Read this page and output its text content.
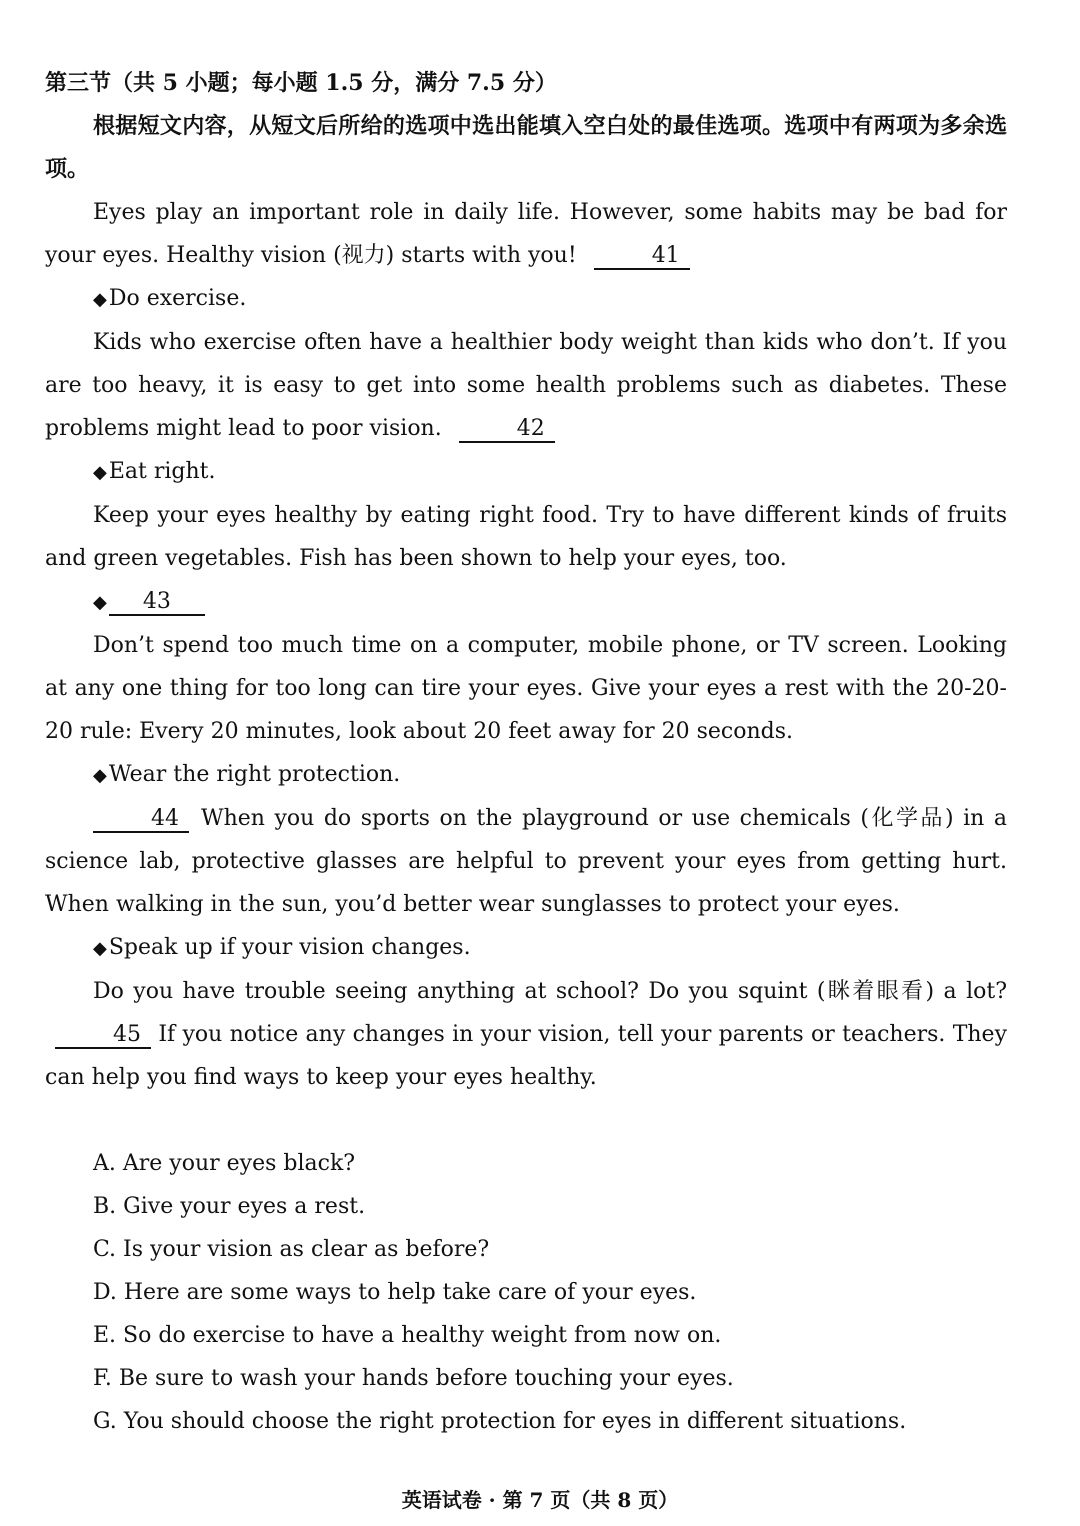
第三节（共 5 小题；每小题 1.5 分，满分 7.5 分）
根据短文内容，从短文后所给的选项中选出能填入空白处的最佳选项。选项中有两项为多余选项。
Eyes play an important role in daily life. However, some habits may be bad for your eyes. Healthy vision (视力) starts with you!	41
◆Do exercise.
Kids who exercise often have a healthier body weight than kids who don’t. If you are too heavy, it is easy to get into some health problems such as diabetes. These problems might lead to poor vision.	42
◆Eat right.
Keep your eyes healthy by eating right food. Try to have different kinds of fruits and green vegetables. Fish has been shown to help your eyes, too.
◆ 43
Don’t spend too much time on a computer, mobile phone, or TV screen. Looking at any one thing for too long can tire your eyes. Give your eyes a rest with the 20-20-20 rule: Every 20 minutes, look about 20 feet away for 20 seconds.
◆Wear the right protection.
44 When you do sports on the playground or use chemicals (化学品) in a science lab, protective glasses are helpful to prevent your eyes from getting hurt. When walking in the sun, you’d better wear sunglasses to protect your eyes.
◆Speak up if your vision changes.
Do you have trouble seeing anything at school? Do you squint (眯着眼看) a lot? 45 If you notice any changes in your vision, tell your parents or teachers. They can help you find ways to keep your eyes healthy.
A. Are your eyes black?
B. Give your eyes a rest.
C. Is your vision as clear as before?
D. Here are some ways to help take care of your eyes.
E. So do exercise to have a healthy weight from now on.
F. Be sure to wash your hands before touching your eyes.
G. You should choose the right protection for eyes in different situations.
英语试卷 · 第 7 页（共 8 页）
